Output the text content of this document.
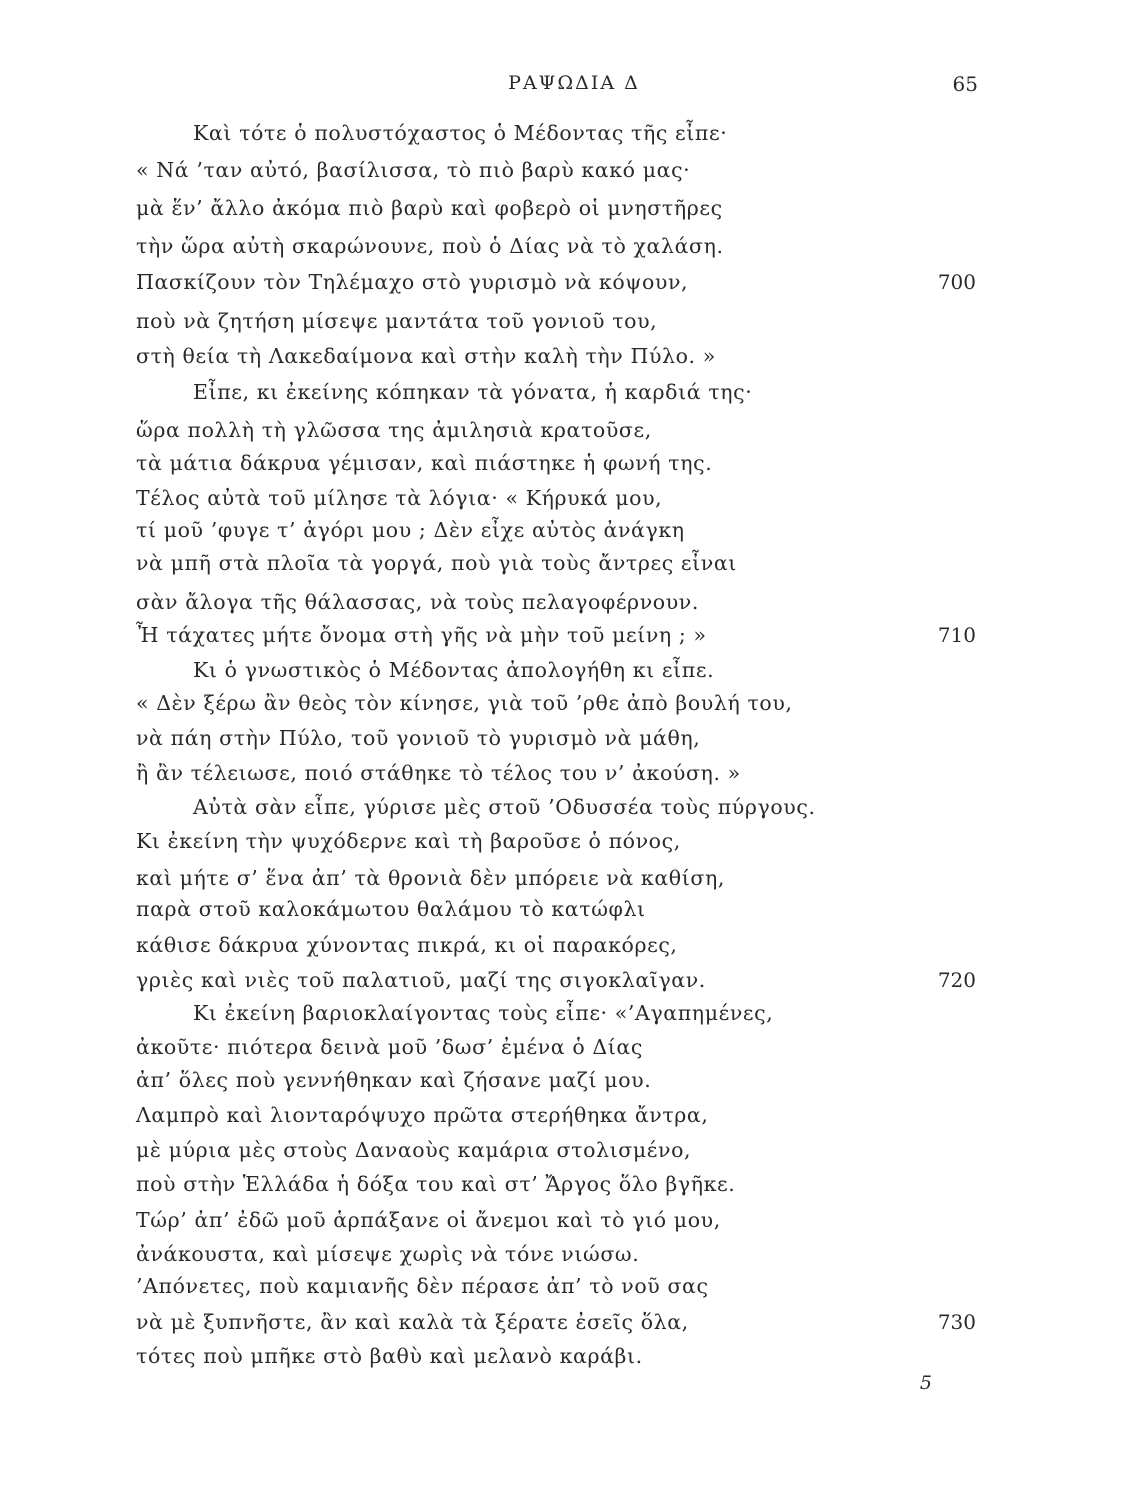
ΡΑΨΩΔΙΑ Δ	65
Καὶ τότε ὁ πολυστόχαστος ὁ Μέδοντας τῆς εἶπε·
« Νά ’ταν αὐτό, βασίλισσα, τὸ πιὸ βαρὺ κακό μας·
μὰ ἕν’ ἄλλο ἀκόμα πιὸ βαρὺ καὶ φοβερὸ οἱ μνηστῆρες
τὴν ὥρα αὐτὴ σκαρώνουνε, ποὺ ὁ Δίας νὰ τὸ χαλάση.
Πασκίζουν τὸν Τηλέμαχο στὸ γυρισμὸ νὰ κόψουν,	700
ποὺ νὰ ζητήση μίσεψε μαντάτα τοῦ γονιοῦ του,
στὴ θεία τὴ Λακεδαίμονα καὶ στὴν καλὴ τὴν Πύλο. »
Εἶπε, κι ἐκείνης κόπηκαν τὰ γόνατα, ἡ καρδιά της·
ὥρα πολλὴ τὴ γλῶσσα της ἀμιλησιὰ κρατοῦσε,
τὰ μάτια δάκρυα γέμισαν, καὶ πιάστηκε ἡ φωνή της.
Τέλος αὐτὰ τοῦ μίλησε τὰ λόγια· « Κήρυκά μου,
τί μοῦ ’φυγε τ’ ἀγόρι μου ; Δὲν εἶχε αὐτὸς ἀνάγκη
νὰ μπῆ στὰ πλοῖα τὰ γοργά, ποὺ γιὰ τοὺς ἄντρες εἶναι
σὰν ἄλογα τῆς θάλασσας, νὰ τοὺς πελαγοφέρνουν.
Ἦ τάχατες μήτε ὄνομα στὴ γῆς νὰ μὴν τοῦ μείνη ; »	710
Κι ὁ γνωστικὸς ὁ Μέδοντας ἀπολογήθη κι εἶπε.
« Δὲν ξέρω ἂν θεὸς τὸν κίνησε, γιὰ τοῦ ’ρθε ἀπὸ βουλή του,
νὰ πάη στὴν Πύλο, τοῦ γονιοῦ τὸ γυρισμὸ νὰ μάθη,
ἢ ἂν τέλειωσε, ποιό στάθηκε τὸ τέλος του ν’ ἀκούση. »
Αὐτὰ σὰν εἶπε, γύρισε μὲς στοῦ ’Οδυσσέα τοὺς πύργους.
Κι ἐκείνη τὴν ψυχόδερνε καὶ τὴ βαροῦσε ὁ πόνος,
καὶ μήτε σ’ ἕνα ἀπ’ τὰ θρονιὰ δὲν μπόρειε νὰ καθίση,
παρὰ στοῦ καλοκάμωτου θαλάμου τὸ κατώφλι
κάθισε δάκρυα χύνοντας πικρά, κι οἱ παρακόρες,
γριὲς καὶ νιὲς τοῦ παλατιοῦ, μαζί της σιγοκλαῖγαν.	720
Κι ἐκείνη βαριοκλαίγοντας τοὺς εἶπε· «’Αγαπημένες,
ἀκοῦτε· πιότερα δεινὰ μοῦ ’δωσ’ ἐμένα ὁ Δίας
ἀπ’ ὅλες ποὺ γεννήθηκαν καὶ ζήσανε μαζί μου.
Λαμπρὸ καὶ λιονταρόψυχο πρῶτα στερήθηκα ἄντρα,
μὲ μύρια μὲς στοὺς Δαναοὺς καμάρια στολισμένο,
ποὺ στὴν Ἑλλάδα ἡ δόξα του καὶ στ’ Ἄργος ὅλο βγῆκε.
Τώρ’ ἀπ’ ἐδῶ μοῦ ἁρπάξανε οἱ ἄνεμοι καὶ τὸ γιό μου,
ἀνάκουστα, καὶ μίσεψε χωρὶς νὰ τόνε νιώσω.
’Απόνετες, ποὺ καμιανῆς δὲν πέρασε ἀπ’ τὸ νοῦ σας
νὰ μὲ ξυπνῆστε, ἂν καὶ καλὰ τὰ ξέρατε ἐσεῖς ὅλα,	730
τότες ποὺ μπῆκε στὸ βαθὺ καὶ μελανὸ καράβι.
5
